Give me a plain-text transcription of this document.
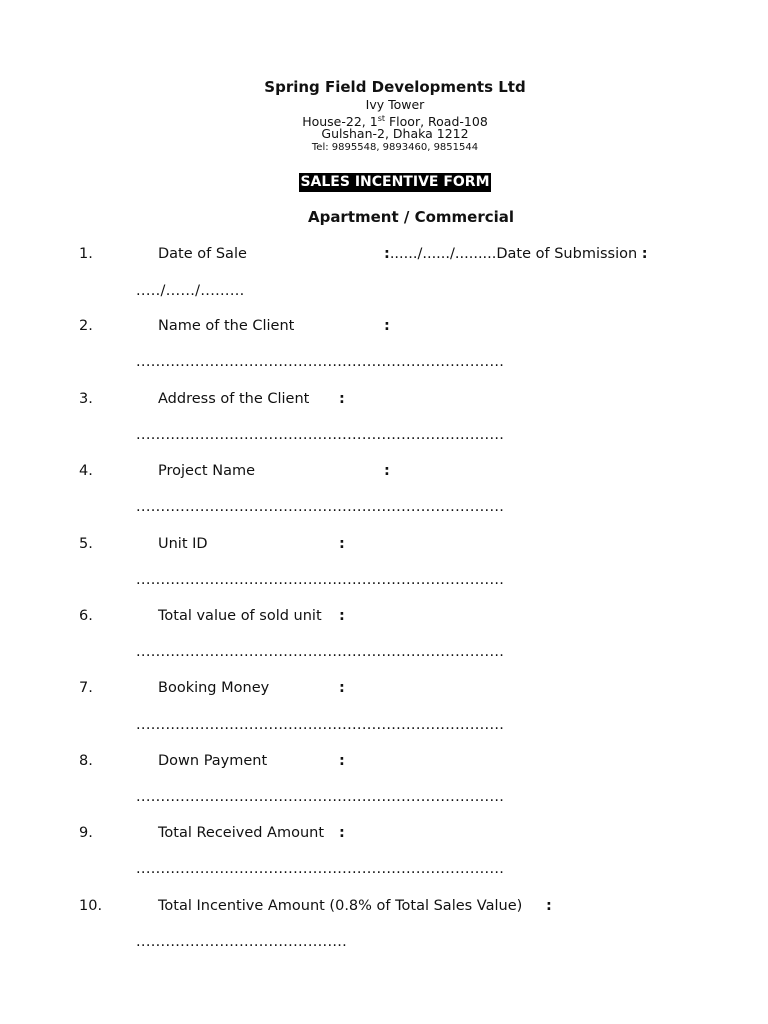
Spring Field Developments Ltd
Ivy Tower
House-22, 1st Floor, Road-108
Gulshan-2, Dhaka 1212
Tel: 9895548, 9893460, 9851544
SALES INCENTIVE FORM
Apartment / Commercial
1.	Date of Sale	:....../....../.........Date of Submission :
...../....../.........
2.	Name of the Client	:
...........................................................................
3.	Address of the Client :
...........................................................................
4.	Project Name	:
...........................................................................
5.	Unit ID	:
...........................................................................
6.	Total value of sold unit :
...........................................................................
7.	Booking Money	:
...........................................................................
8.	Down Payment	:
...........................................................................
9.	Total Received Amount :
...........................................................................
10.	Total Incentive Amount (0.8% of Total Sales Value) :
...........................................
